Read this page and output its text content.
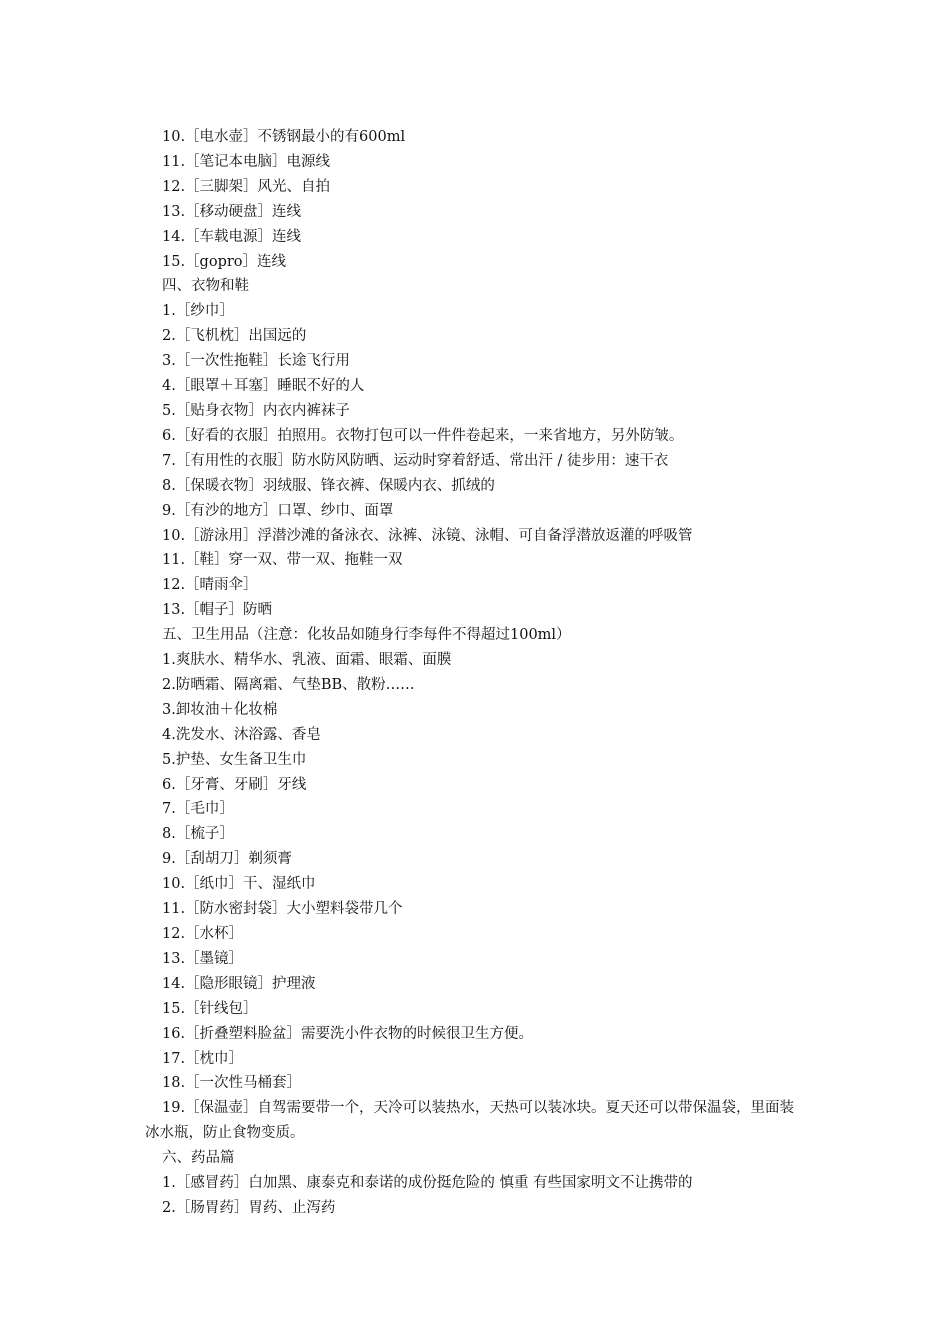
10.［电水壶］不锈钢最小的有600ml

11.［笔记本电脑］电源线

12.［三脚架］风光、自拍

13.［移动硬盘］连线

14.［车载电源］连线

15.［gopro］连线

四、衣物和鞋

1.［纱巾］

2.［飞机枕］出国远的

3.［一次性拖鞋］长途飞行用

4.［眼罩＋耳塞］睡眠不好的人

5.［贴身衣物］内衣内裤袜子

6.［好看的衣服］拍照用。衣物打包可以一件件卷起来，一来省地方，另外防皱。

7.［有用性的衣服］防水防风防晒、运动时穿着舒适、常出汗 / 徒步用：速干衣

8.［保暖衣物］羽绒服、锋衣裤、保暖内衣、抓绒的

9.［有沙的地方］口罩、纱巾、面罩

10.［游泳用］浮潜沙滩的备泳衣、泳裤、泳镜、泳帽、可自备浮潜放返灌的呼吸管

11.［鞋］穿一双、带一双、拖鞋一双

12.［晴雨伞］

13.［帽子］防晒

五、卫生用品（注意：化妆品如随身行李每件不得超过100ml）

1.爽肤水、精华水、乳液、面霜、眼霜、面膜

2.防晒霜、隔离霜、气垫BB、散粉……

3.卸妆油＋化妆棉

4.洗发水、沐浴露、香皂

5.护垫、女生备卫生巾

6.［牙膏、牙刷］牙线

7.［毛巾］

8.［梳子］

9.［刮胡刀］剃须膏

10.［纸巾］干、湿纸巾

11.［防水密封袋］大小塑料袋带几个

12.［水杯］

13.［墨镜］

14.［隐形眼镜］护理液

15.［针线包］

16.［折叠塑料脸盆］需要洗小件衣物的时候很卫生方便。

17.［枕巾］

18.［一次性马桶套］

19.［保温壶］自驾需要带一个，天冷可以装热水，天热可以装冰块。夏天还可以带保温袋，里面装冰水瓶，防止食物变质。

六、药品篇

1.［感冒药］白加黑、康泰克和泰诺的成份挺危险的 慎重 有些国家明文不让携带的

2.［肠胃药］胃药、止泻药
